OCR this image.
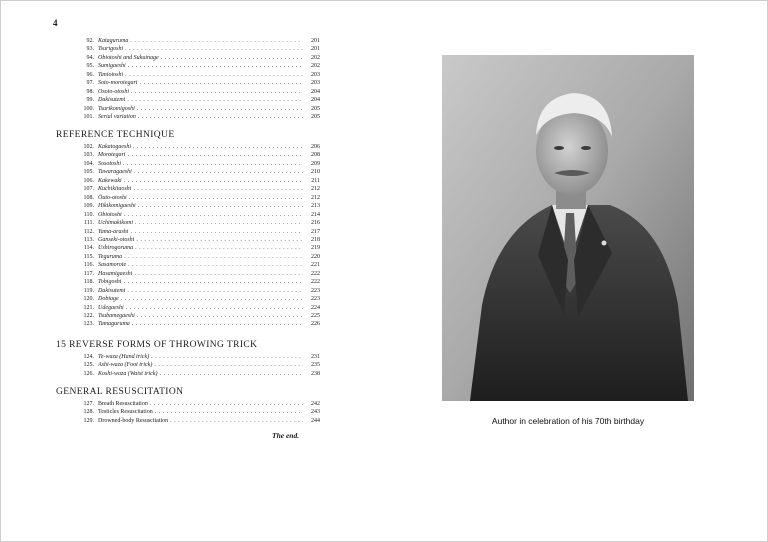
4
92. Kataguruma . . .	201
93. Tsurigoshi . . .	201
94. Obiotoshi and Sukuinage . . .	202
95. Sumigaeshi . . .	202
96. Taniotoshi . . .	203
97. Soto-morotegari . . .	203
98. Osoto-otoshi . . .	204
99. Dakisutemi . . .	204
100. Tsurikomigoshi . . .	205
101. Serial variation . . .	205
REFERENCE TECHNIQUE
102. Kakatogaeshi . . .	206
103. Morotegari . . .	208
104. Sosotoshi . . .	209
105. Tawaragaeshi . . .	210
106. Kakewaki . . .	211
107. Kuchikitaoshi . . .	212
108. Ōuto-otoshi . . .	212
109. Hikikomigaeshi . . .	213
110. Obiotoshi . . .	214
111. Uchimakikomi . . .	216
112. Yama-arashi . . .	217
113. Ganseki-otoshi . . .	218
114. Ushirogoruma . . .	219
115. Teguruma . . .	220
116. Sasamorote . . .	221
117. Hasamigaeshi . . .	222
118. Tobigoshi . . .	222
119. Dakisutemi . . .	223
120. Dobiage . . .	223
121. Udegaeshi . . .	224
122. Tsubamegaeshi . . .	225
123. Tamaguruma . . .	226
15 REVERSE FORMS OF THROWING TRICK
124. Te-waza (Hand trick) . . .	231
125. Ashi-waza (Foot trick) . . .	235
126. Koshi-waza (Waist trick) . . .	238
GENERAL RESUSCITATION
127. Breath Resuscitation . . .	242
128. Testicles Resuscitation . . .	243
129. Drowned-body Resuscitation . . .	244
The end.
Author in celebration of his 70th birthday
